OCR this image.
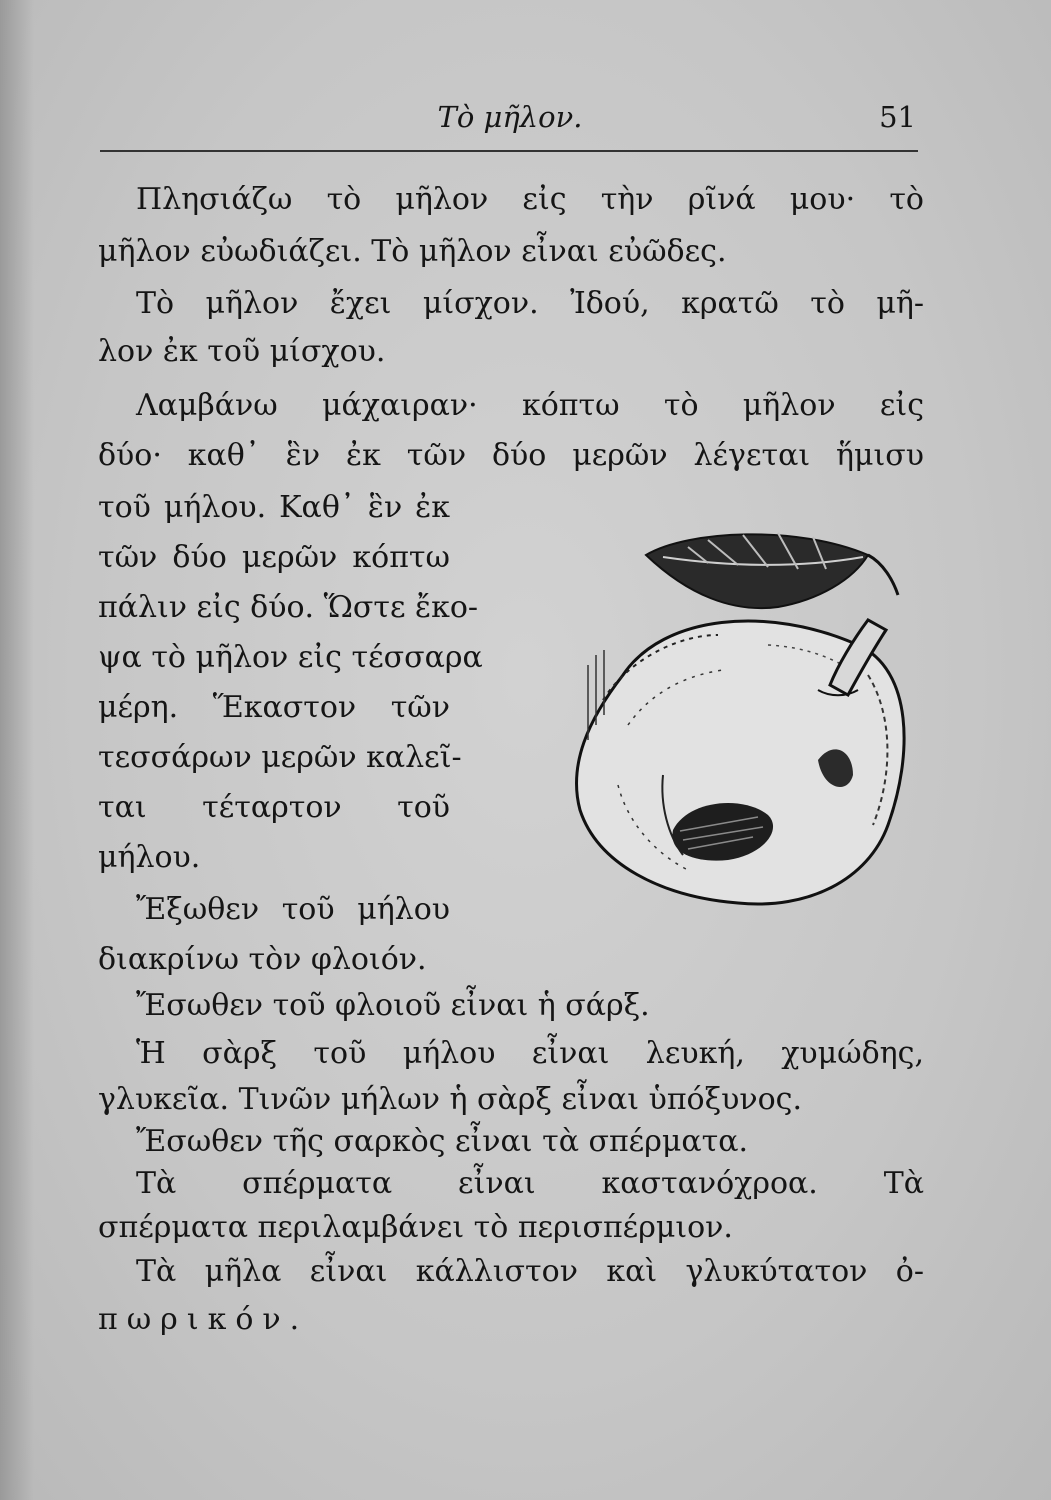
Τὸ μῆλον.	51
Πλησιάζω τὸ μῆλον εἰς τὴν ρῖνά μου· τὸ
μῆλον εὐωδιάζει. Τὸ μῆλον εἶναι εὐῶδες.
Τὸ μῆλον ἔχει μίσχον. Ἰδού, κρατῶ τὸ μῆ-
λον ἐκ τοῦ μίσχου.
Λαμβάνω μάχαιραν· κόπτω τὸ μῆλον εἰς
δύο· καθ᾽ ἓν ἐκ τῶν δύο μερῶν λέγεται ἥμισυ
τοῦ μήλου. Καθ᾽ ἓν ἐκ
τῶν δύο μερῶν κόπτω
πάλιν εἰς δύο. Ὥστε ἔκο-
ψα τὸ μῆλον εἰς τέσσαρα
μέρη. Ἕκαστον τῶν
τεσσάρων μερῶν καλεῖ-
ται τέταρτον τοῦ
μήλου.
Ἔξωθεν τοῦ μήλου
διακρίνω τὸν φλοιόν.
Ἔσωθεν τοῦ φλοιοῦ εἶναι ἡ σάρξ.
Ἡ σὰρξ τοῦ μήλου εἶναι λευκή, χυμώδης,
γλυκεῖα. Τινῶν μήλων ἡ σὰρξ εἶναι ὑπόξυνος.
Ἔσωθεν τῆς σαρκὸς εἶναι τὰ σπέρματα.
Τὰ σπέρματα εἶναι καστανόχροα. Τὰ
σπέρματα περιλαμβάνει τὸ περισπέρμιον.
Τὰ μῆλα εἶναι κάλλιστον καὶ γλυκύτατον ὀ-
πωρικόν.
